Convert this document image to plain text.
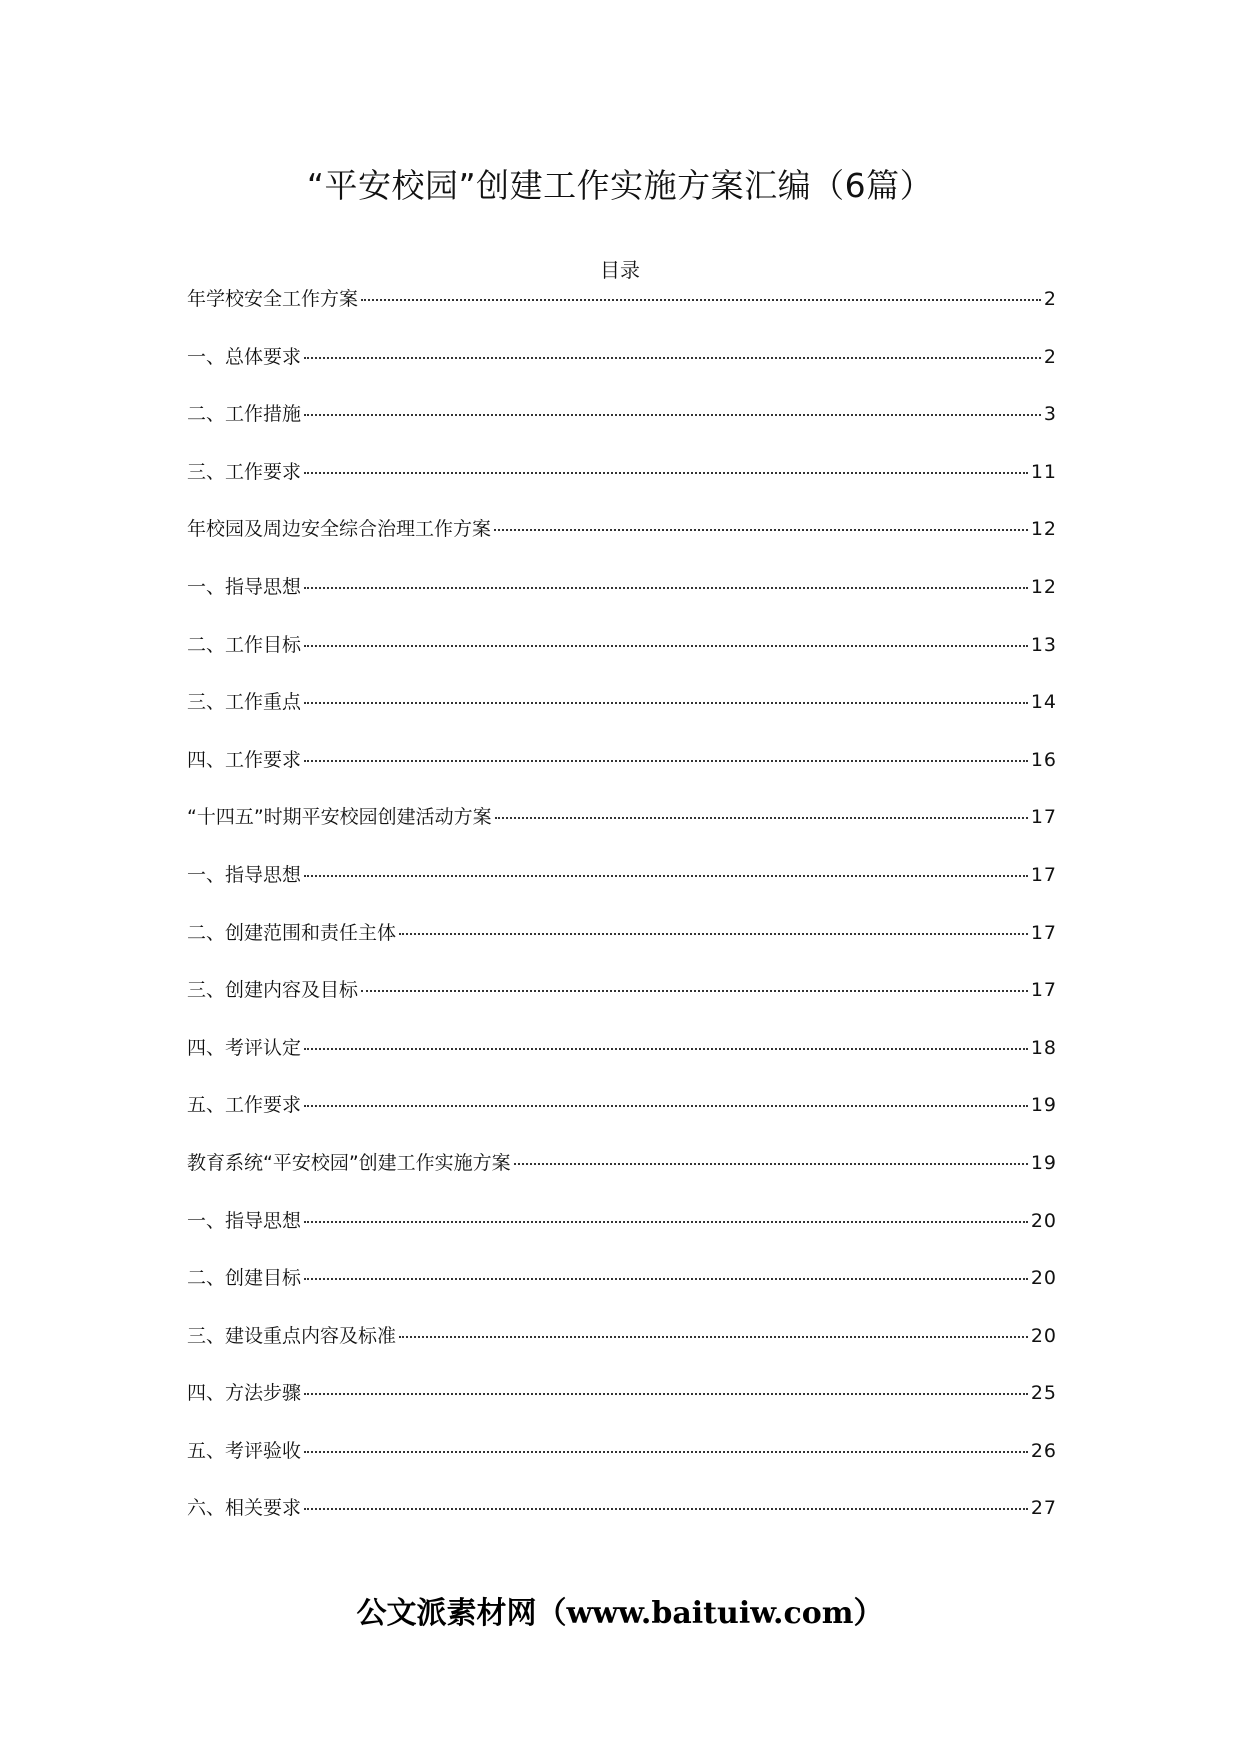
“平安校园”创建工作实施方案汇编（6篇）
目录
年学校安全工作方案	2
一、总体要求	2
二、工作措施	3
三、工作要求	11
年校园及周边安全综合治理工作方案	12
一、指导思想	12
二、工作目标	13
三、工作重点	14
四、工作要求	16
“十四五”时期平安校园创建活动方案	17
一、指导思想	17
二、创建范围和责任主体	17
三、创建内容及目标	17
四、考评认定	18
五、工作要求	19
教育系统“平安校园”创建工作实施方案	19
一、指导思想	20
二、创建目标	20
三、建设重点内容及标准	20
四、方法步骤	25
五、考评验收	26
六、相关要求	27
公文派素材网（www.baituiw.com）
